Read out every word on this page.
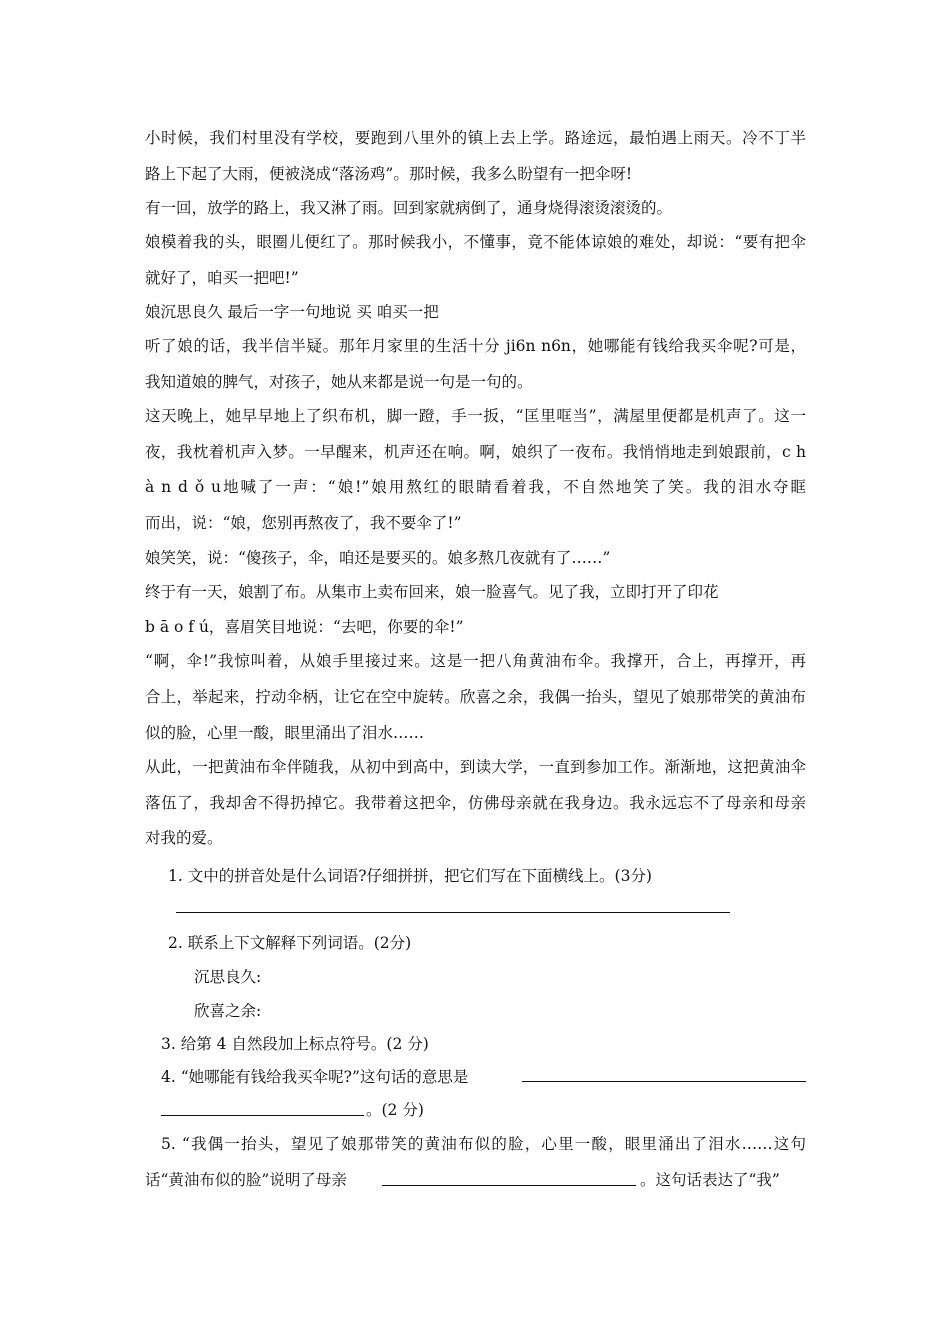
小时候，我们村里没有学校，要跑到八里外的镇上去上学。路途远，最怕遇上雨天。冷不丁半
路上下起了大雨，便被浇成“落汤鸡”。那时候，我多么盼望有一把伞呀!
有一回，放学的路上，我又淋了雨。回到家就病倒了，通身烧得滚烫滚烫的。
娘模着我的头，眼圈儿便红了。那时候我小，不懂事，竟不能体谅娘的难处，却说：“要有把伞
就好了，咱买一把吧!”
娘沉思良久 最后一字一句地说 买 咱买一把
听了娘的话，我半信半疑。那年月家里的生活十分 ji6n n6n，她哪能有钱给我买伞呢?可是，
我知道娘的脾气，对孩子，她从来都是说一句是一句的。
这天晚上，她早早地上了织布机，脚一蹬，手一扳，“匡里哐当”，满屋里便都是机声了。这一
夜，我枕着机声入梦。一早醒来，机声还在响。啊，娘织了一夜布。我悄悄地走到娘跟前，c h
à n d ǒ u地喊了一声：“娘!”娘用熬红的眼睛看着我，不自然地笑了笑。我的泪水夺眶
而出，说：“娘，您别再熬夜了，我不要伞了!”
娘笑笑，说：“傻孩子，伞，咱还是要买的。娘多熬几夜就有了……”
终于有一天，娘割了布。从集市上卖布回来，娘一脸喜气。见了我，立即打开了印花
b ā o f ú，喜眉笑目地说：“去吧，你要的伞!”
“啊，伞!”我惊叫着，从娘手里接过来。这是一把八角黄油布伞。我撑开，合上，再撑开，再
合上，举起来，拧动伞柄，让它在空中旋转。欣喜之余，我偶一抬头，望见了娘那带笑的黄油布
似的脸，心里一酸，眼里涌出了泪水……
从此，一把黄油布伞伴随我，从初中到高中，到读大学，一直到参加工作。渐渐地，这把黄油伞
落伍了，我却舍不得扔掉它。我带着这把伞，仿佛母亲就在我身边。我永远忘不了母亲和母亲
对我的爱。
1. 文中的拼音处是什么词语?仔细拼拼，把它们写在下面横线上。(3分)
2. 联系上下文解释下列词语。(2分)
沉思良久:
欣喜之余:
3. 给第 4 自然段加上标点符号。(2 分)
4. “她哪能有钱给我买伞呢?”这句话的意思是
。(2 分)
5. “我偶一抬头，望见了娘那带笑的黄油布似的脸，心里一酸，眼里涌出了泪水……这句
话“黄油布似的脸”说明了母亲	。这句话表达了“我”
